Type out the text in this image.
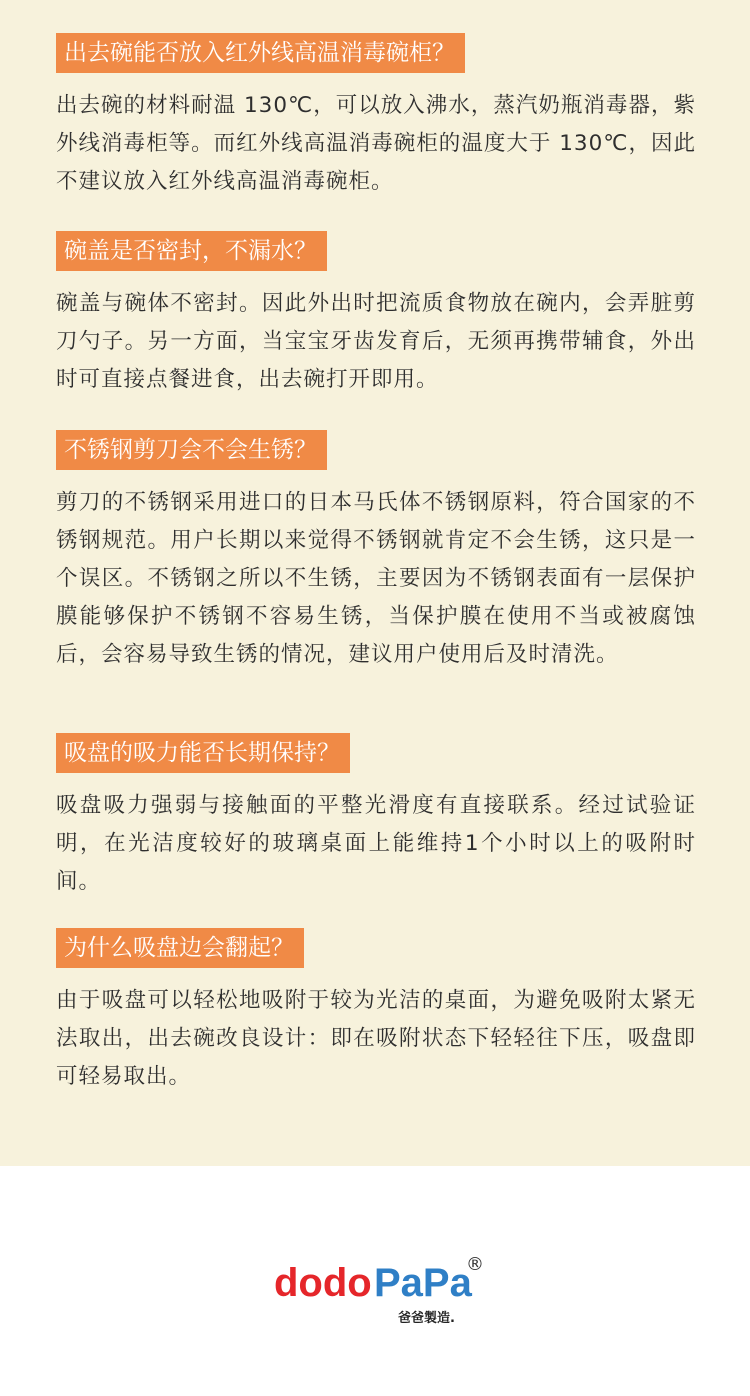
出去碗能否放入红外线高温消毒碗柜？

出去碗的材料耐温 130℃，可以放入沸水，蒸汽奶瓶消毒器，紫外线消毒柜等。而红外线高温消毒碗柜的温度大于 130℃，因此不建议放入红外线高温消毒碗柜。

碗盖是否密封，不漏水？

碗盖与碗体不密封。因此外出时把流质食物放在碗内，会弄脏剪刀勺子。另一方面，当宝宝牙齿发育后，无须再携带辅食，外出时可直接点餐进食，出去碗打开即用。

不锈钢剪刀会不会生锈？

剪刀的不锈钢采用进口的日本马氏体不锈钢原料，符合国家的不锈钢规范。用户长期以来觉得不锈钢就肯定不会生锈，这只是一个误区。不锈钢之所以不生锈，主要因为不锈钢表面有一层保护膜能够保护不锈钢不容易生锈，当保护膜在使用不当或被腐蚀后，会容易导致生锈的情况，建议用户使用后及时清洗。

吸盘的吸力能否长期保持？

吸盘吸力强弱与接触面的平整光滑度有直接联系。经过试验证明，在光洁度较好的玻璃桌面上能维持1个小时以上的吸附时间。

为什么吸盘边会翻起？

由于吸盘可以轻松地吸附于较为光洁的桌面，为避免吸附太紧无法取出，出去碗改良设计：即在吸附状态下轻轻往下压，吸盘即可轻易取出。

dodo PaPa
®
爸爸製造.
